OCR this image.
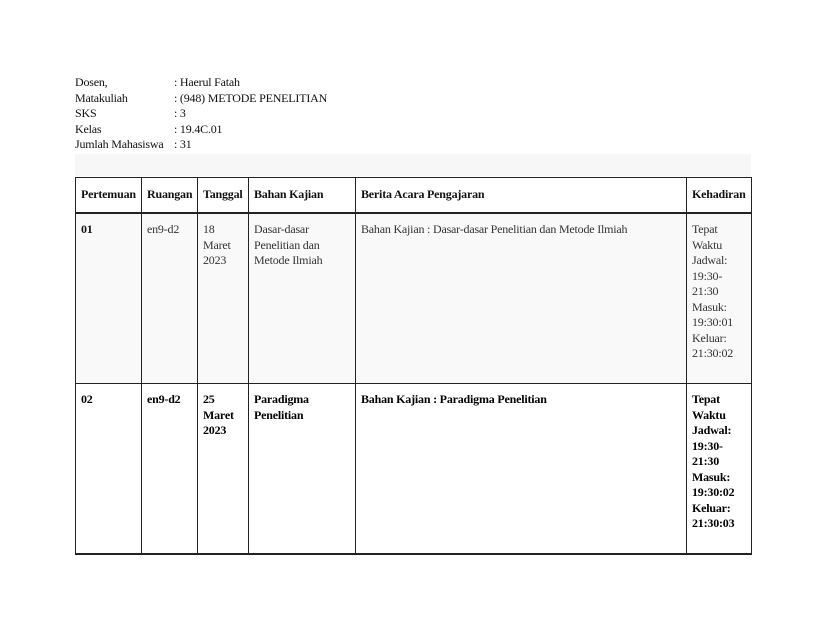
Dosen,	: Haerul Fatah
Matakuliah	: (948) METODE PENELITIAN
SKS	: 3
Kelas	: 19.4C.01
Jumlah Mahasiswa : 31
Pertemuan	Ruangan	Tanggal	Bahan Kajian	Berita Acara Pengajaran	Kehadiran
01	en9-d2	18 Maret 2023	Dasar-dasar Penelitian dan Metode Ilmiah	Bahan Kajian : Dasar-dasar Penelitian dan Metode Ilmiah	Tepat Waktu
Jadwal: 19:30-21:30
Masuk: 19:30:01
Keluar: 21:30:02

02	en9-d2	25 Maret 2023	Paradigma Penelitian	Bahan Kajian : Paradigma Penelitian	Tepat Waktu
Jadwal: 19:30-21:30
Masuk: 19:30:02
Keluar: 21:30:03
